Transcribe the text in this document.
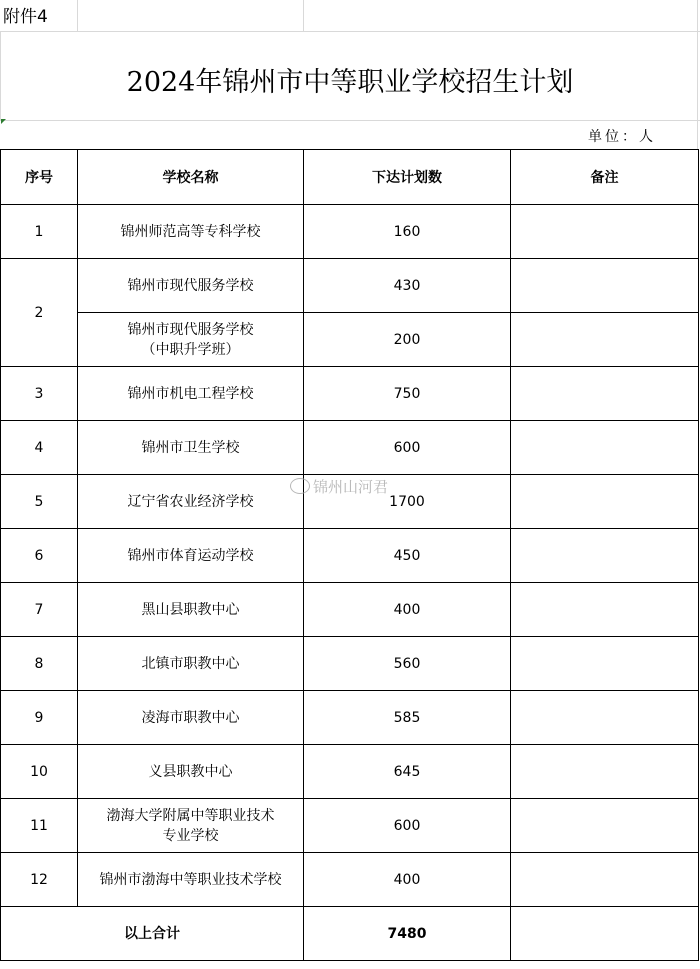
附件4
2024年锦州市中等职业学校招生计划
单位：人
序号	学校名称	下达计划数	备注
1	锦州师范高等专科学校	160	
2	锦州市现代服务学校	430	

	锦州市现代服务学校
（中职升学班）	200	
3	锦州市机电工程学校	750	
4	锦州市卫生学校	600	
5	辽宁省农业经济学校	1700	
6	锦州市体育运动学校	450	
7	黑山县职教中心	400	
8	北镇市职教中心	560	
9	凌海市职教中心	585	
10	义县职教中心	645	
11	渤海大学附属中等职业技术
专业学校	600	
12	锦州市渤海中等职业技术学校	400	
以上合计		7480	
锦州山河君
